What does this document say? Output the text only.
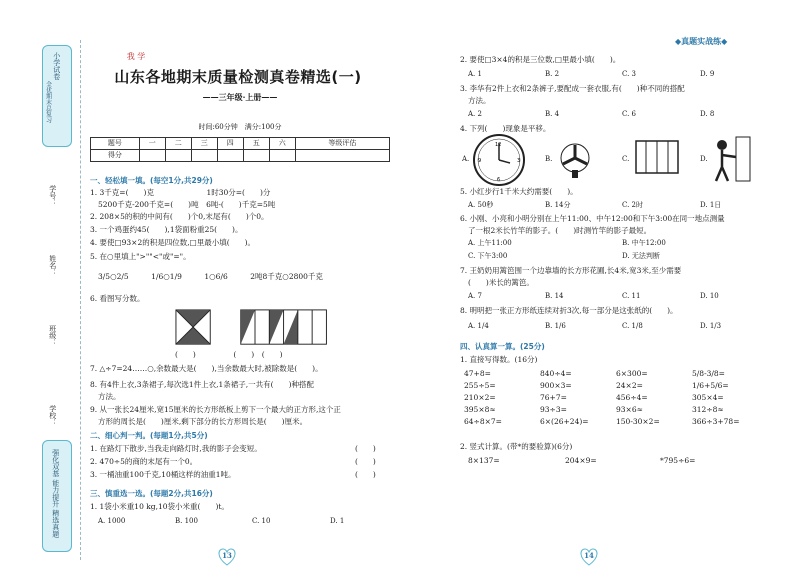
小学试卷
全优期末总复习
学号：
姓名：
班级：
学校：
强化双基 能力提升 精选真题
我 学
山东各地期末质量检测真卷精选(一)
——三年级·上册——
时间:60分钟　满分:100分
题号	一	二	三	四	五	六	等级评估
得分							
一、轻松填一填。(每空1分,共29分)
1. 3千克=(　　)克　　　　　　　1时30分=(　　)分
5200千克-200千克=(　　)吨　6吨-(　　)千克=5吨
2. 208×5的积的中间有(　　)个0,末尾有(　　)个0。
3. 一个鸡蛋约45(　　),1袋面粉重25(　　)。
4. 要使□93×2的积是四位数,□里最小填(　　)。
5. 在○里填上">""<"或"="。
3/5○2/5　　　1/6○1/9　　　1○6/6　　　2吨8千克○2800千克
6. 看图写分数。
(　　)　　　　　(　　)　(　　)
7. △÷7=24……○,余数最大是(　　),当余数最大时,被除数是(　　)。
8. 有4件上衣,3条裙子,每次选1件上衣,1条裙子,一共有(　　)种搭配
方法。
9. 从一张长24厘米,宽15厘米的长方形纸板上剪下一个最大的正方形,这个正
方形的周长是(　　)厘米,剩下部分的长方形周长是(　　)厘米。
二、细心判一判。(每题1分,共5分)
1. 在路灯下散步,当我走向路灯时,我的影子会变短。	(　　)
2. 470÷5的商的末尾有一个0。	(　　)
3. 一桶油重100千克,10桶这样的油重1吨。	(　　)
三、慎重选一选。(每题2分,共16分)
1. 1袋小米重10 kg,10袋小米重(　　)t。
A. 1000	B. 100	C. 10	D. 1
13
◆真题实战练◆
2. 要使□3×4的积是三位数,□里最小填(　　)。
A. 1	B. 2	C. 3	D. 9
3. 李华有2件上衣和2条裤子,要配成一套衣服,有(　　)种不同的搭配
方法。
A. 2	B. 4	C. 6	D. 8
4. 下列(　　)现象是平移。
A.
12
3
6
9	B.	C.	D.
5. 小红步行1千米大约需要(　　)。
A. 50秒	B. 14分	C. 2时	D. 1日
6. 小刚、小亮和小明分别在上午11:00、中午12:00和下午3:00在同一地点测量
了一根2米长竹竿的影子。(　　)时测竹竿的影子最短。
A. 上午11:00	B. 中午12:00
C. 下午3:00	D. 无法判断
7. 王奶奶用篱笆围一个边靠墙的长方形花圃,长4米,宽3米,至少需要
(　　)米长的篱笆。
A. 7	B. 14	C. 11	D. 10
8. 明明把一张正方形纸连续对折3次,每一部分是这张纸的(　　)。
A. 1/4	B. 1/6	C. 1/8	D. 1/3
四、认真算一算。(25分)
1. 直接写得数。(16分)
47+8=	840÷4=	6×300=	5/8-3/8=
255÷5=	900×3=	24×2=	1/6+5/6=
210×2=	76+7=	456÷4=	305×4=
395×8≈	93÷3=	93×6≈	312÷8≈
64÷8×7=	6×(26+24)=	150-30×2=	366÷3+78=
2. 竖式计算。(带*的要验算)(6分)
8×137=	204×9=	*795÷6=
14
